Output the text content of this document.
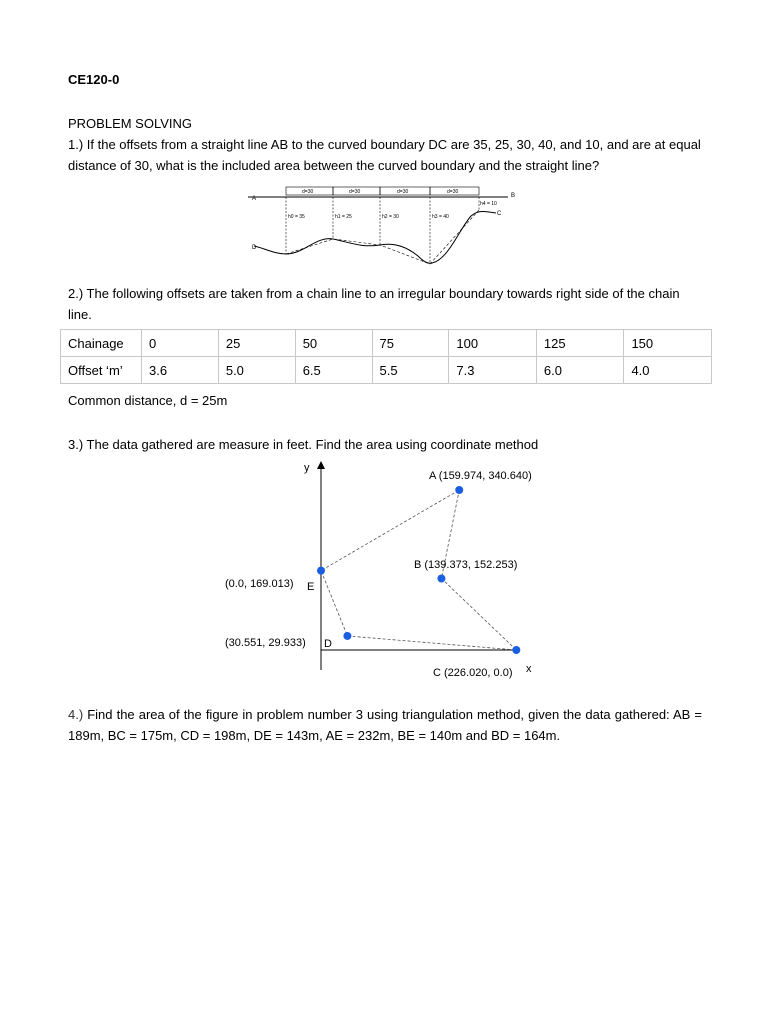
CE120-0

PROBLEM SOLVING

1.) If the offsets from a straight line AB to the curved boundary DC are 35, 25, 30, 40, and 10, and are at equal distance of 30, what is the included area between the curved boundary and the straight line?

A	B
d=30	d=30	d=30	d=30
h0 = 35	h1 = 25	h2 = 30	h3 = 40
h4 = 10
D
C

2.) The following offsets are taken from a chain line to an irregular boundary towards right side of the chain line.

Chainage	0	25	50	75	100	125	150
Offset ‘m’	3.6	5.0	6.5	5.5	7.3	6.0	4.0

Common distance, d = 25m

3.) The data gathered are measure in feet. Find the area using coordinate method

y
x
A (159.974, 340.640)
B (139.373, 152.253)
C (226.020, 0.0)
(30.551, 29.933) D
(0.0, 169.013) E

4.) Find the area of the figure in problem number 3 using triangulation method, given the data gathered: AB = 189m, BC = 175m, CD = 198m, DE = 143m, AE = 232m, BE = 140m and BD = 164m.
